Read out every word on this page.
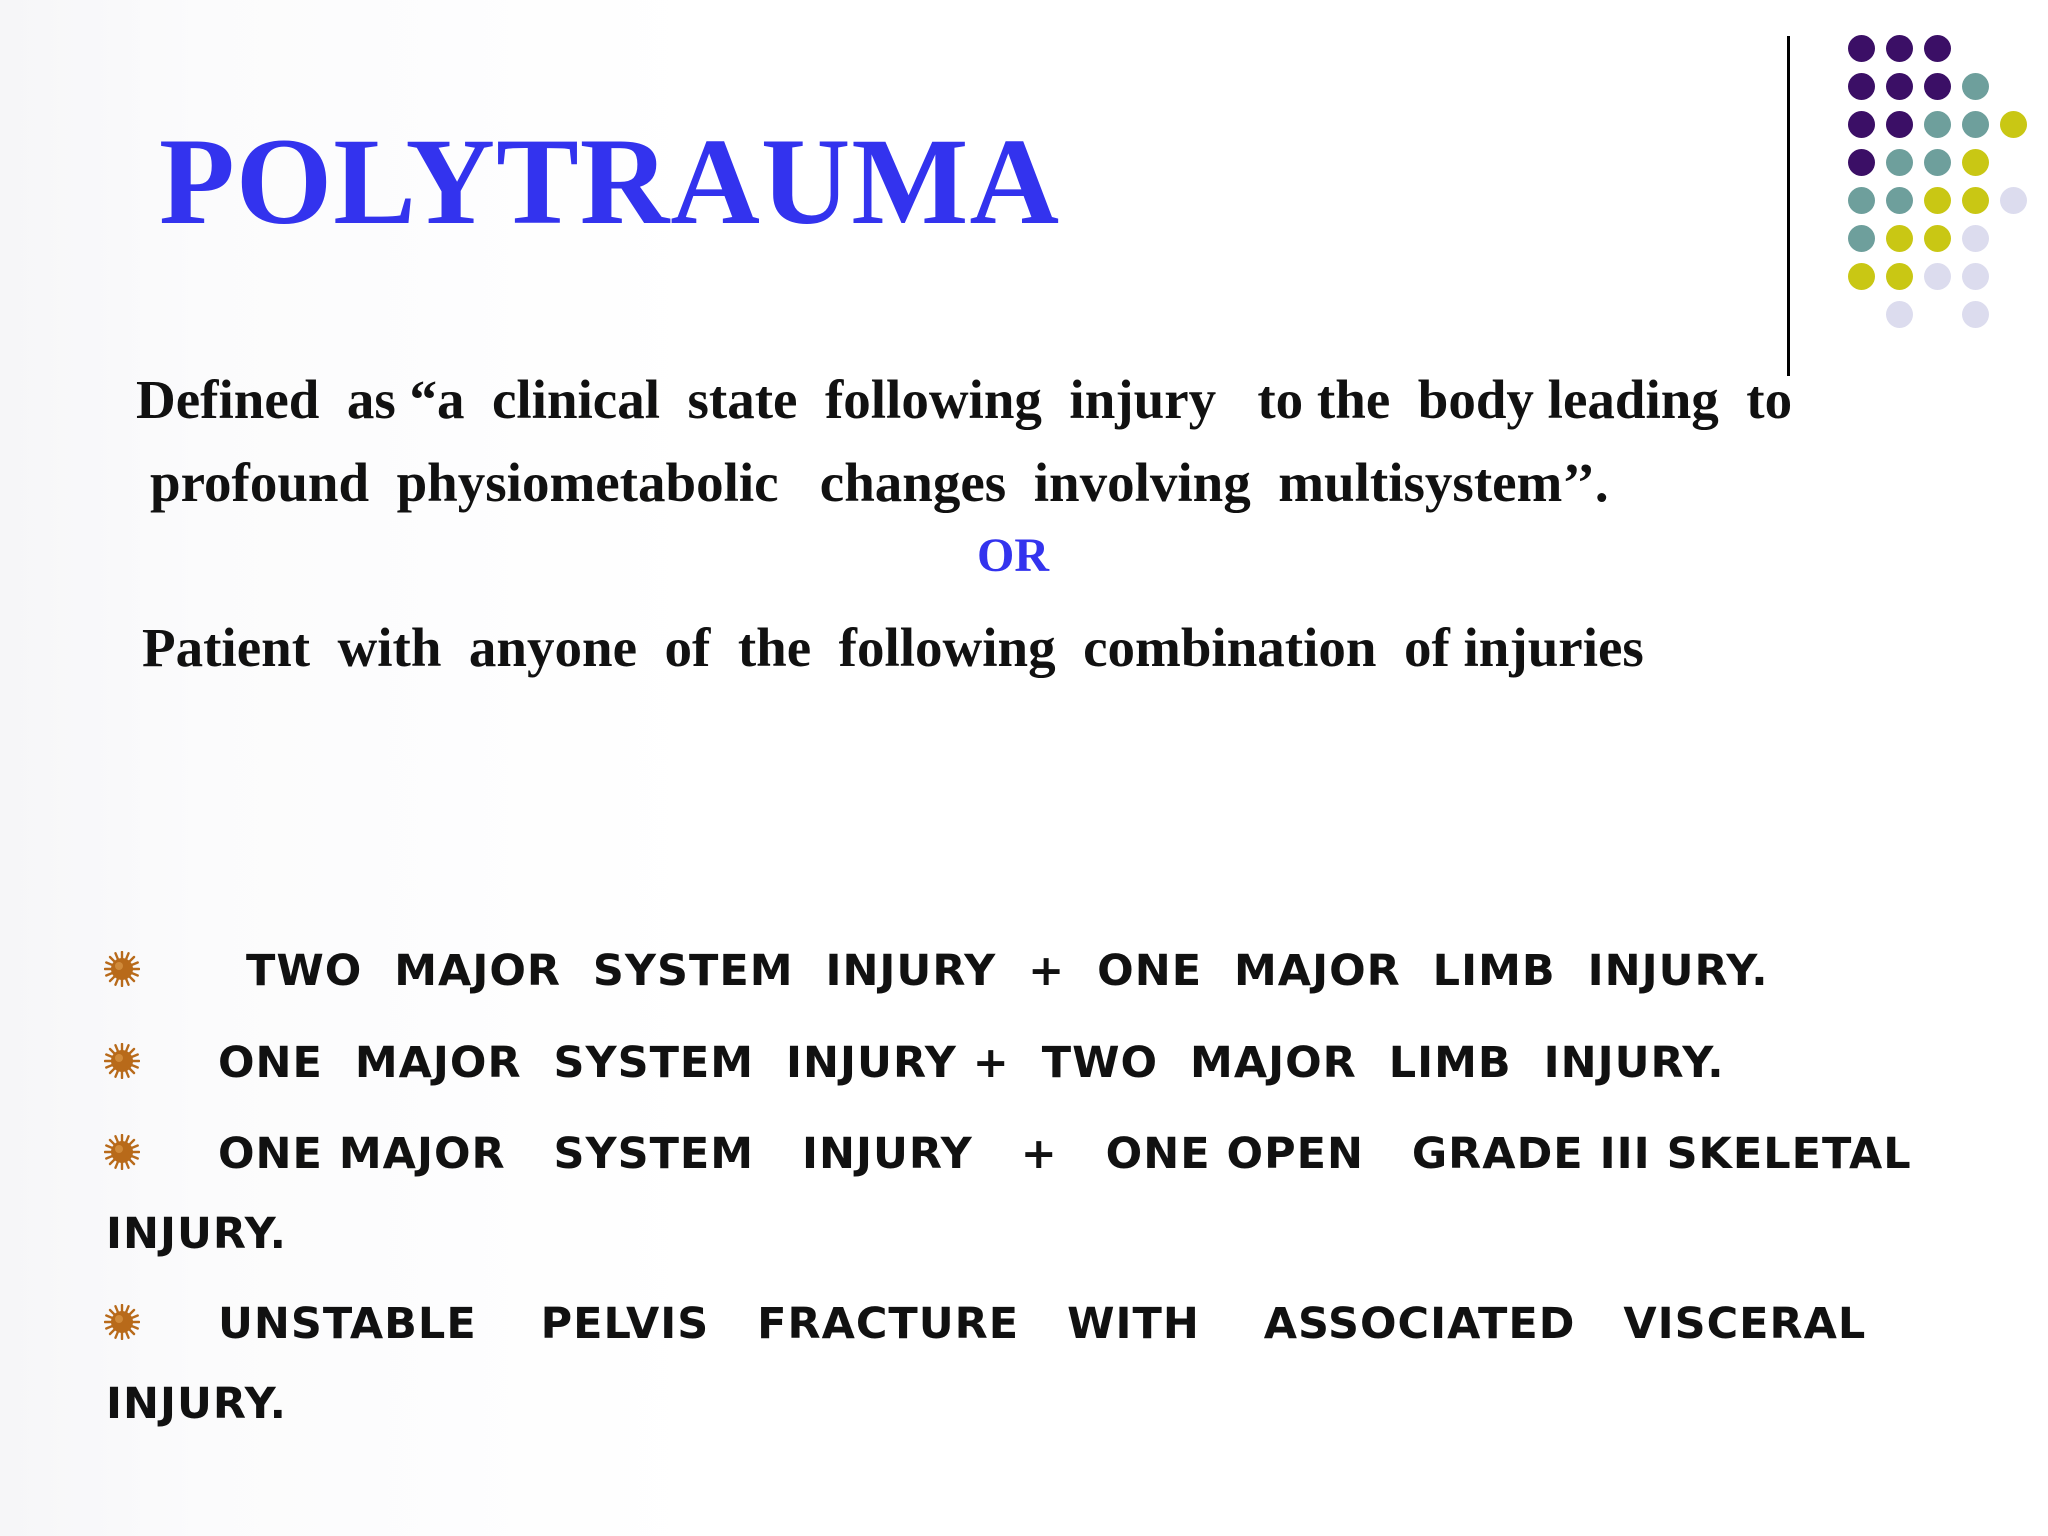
POLYTRAUMA

Defined  as “a  clinical  state  following  injury   to the  body leading  to

profound  physiometabolic   changes  involving  multisystem’’.

OR

Patient  with  anyone  of  the  following  combination  of injuries

TWO  MAJOR  SYSTEM  INJURY  +  ONE  MAJOR  LIMB  INJURY.
ONE  MAJOR  SYSTEM  INJURY +  TWO  MAJOR  LIMB  INJURY.
ONE MAJOR   SYSTEM   INJURY   +   ONE OPEN   GRADE III SKELETAL
INJURY.
UNSTABLE    PELVIS   FRACTURE   WITH    ASSOCIATED   VISCERAL
INJURY.
